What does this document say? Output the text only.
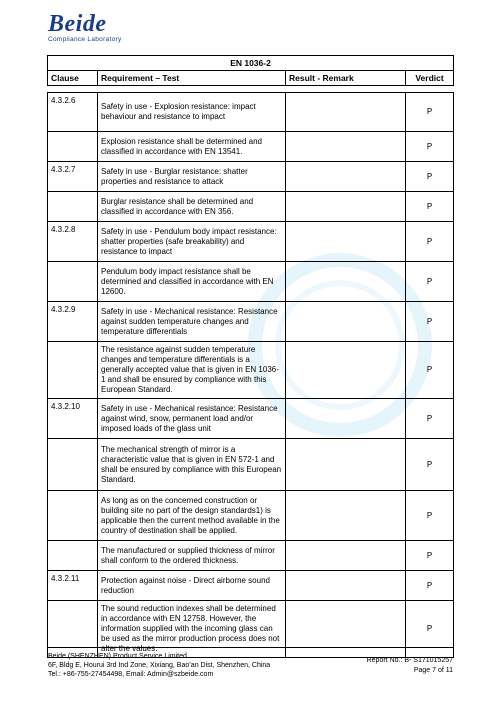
Beide
Compliance Laboratory
EN 1036-2
Clause	Requirement – Test	Result - Remark	Verdict
4.3.2.6	Safety in use - Explosion resistance: impact behaviour and resistance to impact		P
	Explosion resistance shall be determined and classified in accordance with EN 13541.		P
4.3.2.7	Safety in use - Burglar resistance: shatter properties and resistance to attack		P
	Burglar resistance shall be determined and classified in accordance with EN 356.		P
4.3.2.8	Safety in use - Pendulum body impact resistance: shatter properties (safe breakability) and resistance to impact		P
	Pendulum body impact resistance shall be determined and classified in accordance with EN 12600.		P
4.3.2.9	Safety in use - Mechanical resistance: Resistance against sudden temperature changes and temperature differentials		P
	The resistance against sudden temperature changes and temperature differentials is a generally accepted value that is given in EN 1036-1 and shall be ensured by compliance with this European Standard.		P
4.3.2.10	Safety in use - Mechanical resistance: Resistance against wind, snow, permanent load and/or imposed loads of the glass unit		P
	The mechanical strength of mirror is a characteristic value that is given in EN 572-1 and shall be ensured by compliance with this European Standard.		P
	As long as on the concerned construction or building site no part of the design standards1) is applicable then the current method available in the country of destination shall be applied.		P
	The manufactured or supplied thickness of mirror shall conform to the ordered thickness.		P
4.3.2.11	Protection against noise - Direct airborne sound reduction		P
	The sound reduction indexes shall be determined in accordance with EN 12758. However, the information supplied with the incoming glass can be used as the mirror production process does not alter the values.		P
Beide (SHENZHEN) Product Service Limited
6F, Bldg E, Hourui 3rd Ind Zone, Xixiang, Bao’an Dist, Shenzhen, China
Tel.: +86-755-27454498, Email: Admin@szbeide.com
Report No.: B- S171015257
Page 7 of 11
